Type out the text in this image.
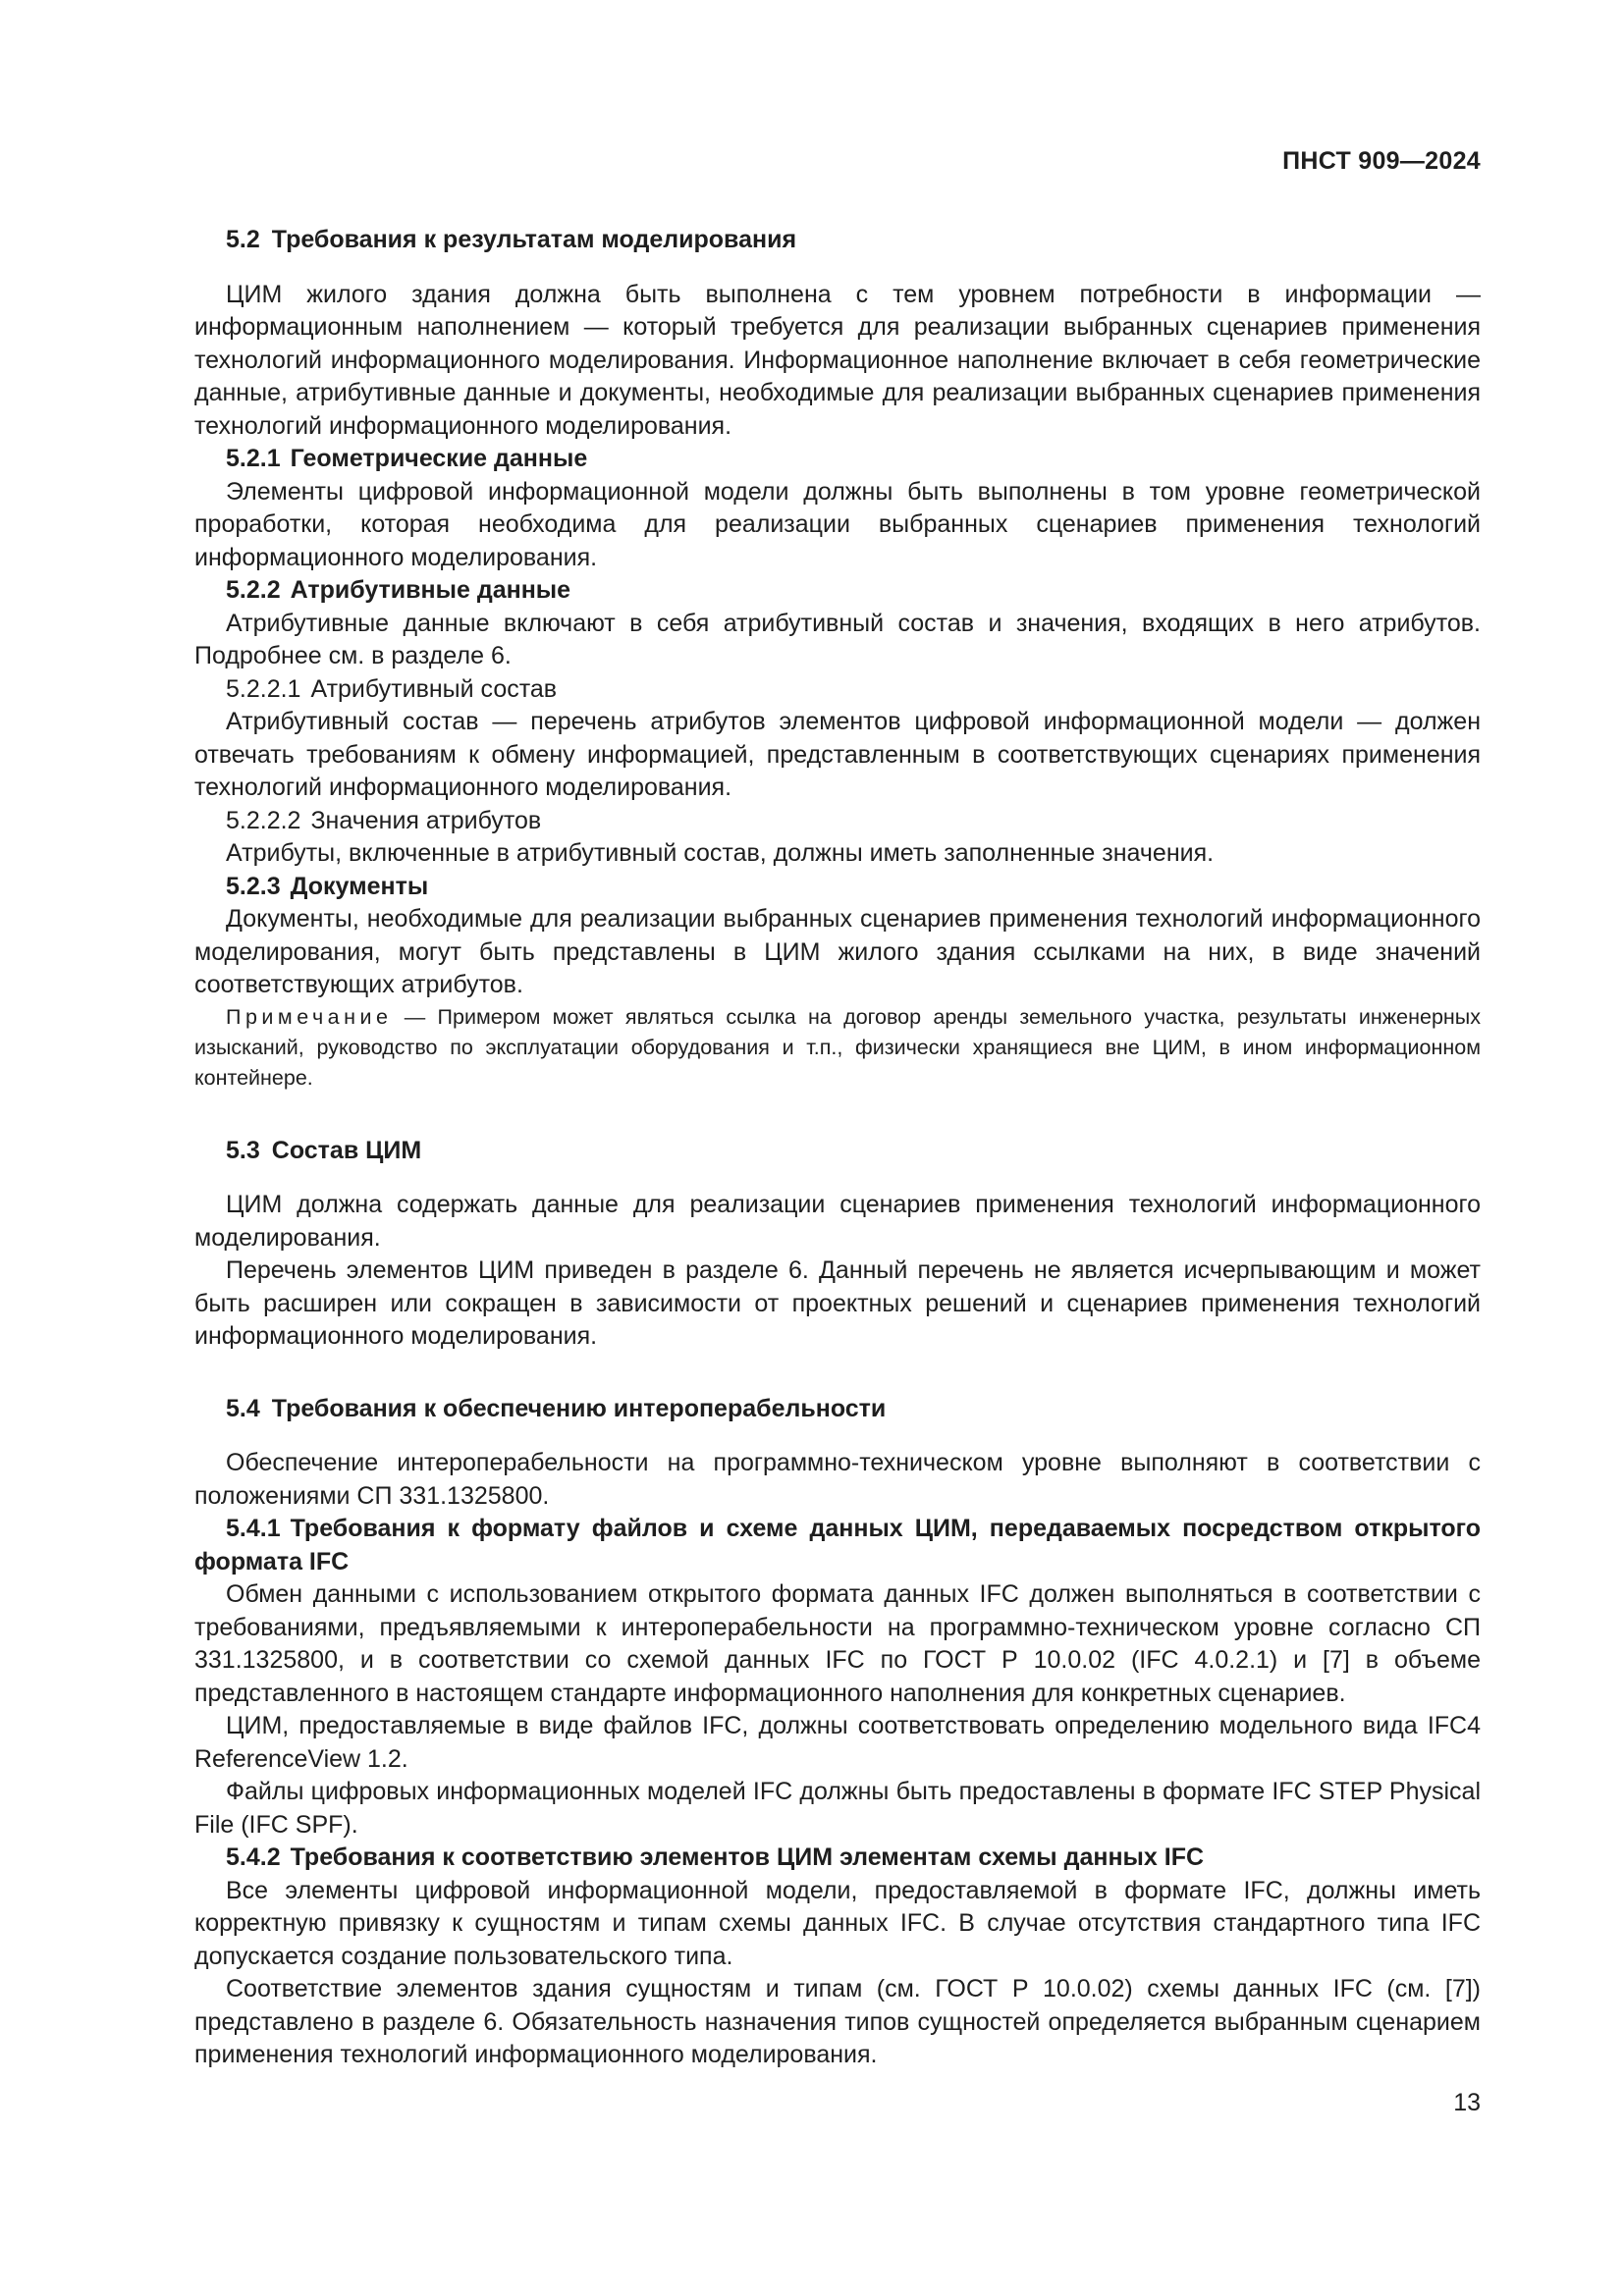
ПНСТ 909—2024
5.2 Требования к результатам моделирования

ЦИМ жилого здания должна быть выполнена с тем уровнем потребности в информации — информационным наполнением — который требуется для реализации выбранных сценариев применения технологий информационного моделирования. Информационное наполнение включает в себя геометрические данные, атрибутивные данные и документы, необходимые для реализации выбранных сценариев применения технологий информационного моделирования.

5.2.1 Геометрические данные

Элементы цифровой информационной модели должны быть выполнены в том уровне геометрической проработки, которая необходима для реализации выбранных сценариев применения технологий информационного моделирования.

5.2.2 Атрибутивные данные

Атрибутивные данные включают в себя атрибутивный состав и значения, входящих в него атрибутов. Подробнее см. в разделе 6.

5.2.2.1 Атрибутивный состав

Атрибутивный состав — перечень атрибутов элементов цифровой информационной модели — должен отвечать требованиям к обмену информацией, представленным в соответствующих сценариях применения технологий информационного моделирования.

5.2.2.2 Значения атрибутов

Атрибуты, включенные в атрибутивный состав, должны иметь заполненные значения.

5.2.3 Документы

Документы, необходимые для реализации выбранных сценариев применения технологий информационного моделирования, могут быть представлены в ЦИМ жилого здания ссылками на них, в виде значений соответствующих атрибутов.

Примечание — Примером может являться ссылка на договор аренды земельного участка, результаты инженерных изысканий, руководство по эксплуатации оборудования и т.п., физически хранящиеся вне ЦИМ, в ином информационном контейнере.

5.3 Состав ЦИМ

ЦИМ должна содержать данные для реализации сценариев применения технологий информационного моделирования.

Перечень элементов ЦИМ приведен в разделе 6. Данный перечень не является исчерпывающим и может быть расширен или сокращен в зависимости от проектных решений и сценариев применения технологий информационного моделирования.

5.4 Требования к обеспечению интероперабельности

Обеспечение интероперабельности на программно-техническом уровне выполняют в соответствии с положениями СП 331.1325800.

5.4.1 Требования к формату файлов и схеме данных ЦИМ, передаваемых посредством открытого формата IFC

Обмен данными с использованием открытого формата данных IFC должен выполняться в соответствии с требованиями, предъявляемыми к интероперабельности на программно-техническом уровне согласно СП 331.1325800, и в соответствии со схемой данных IFC по ГОСТ Р 10.0.02 (IFC 4.0.2.1) и [7] в объеме представленного в настоящем стандарте информационного наполнения для конкретных сценариев.

ЦИМ, предоставляемые в виде файлов IFC, должны соответствовать определению модельного вида IFC4 ReferenceView 1.2.

Файлы цифровых информационных моделей IFC должны быть предоставлены в формате IFC STEP Physical File (IFC SPF).

5.4.2 Требования к соответствию элементов ЦИМ элементам схемы данных IFC

Все элементы цифровой информационной модели, предоставляемой в формате IFC, должны иметь корректную привязку к сущностям и типам схемы данных IFC. В случае отсутствия стандартного типа IFC допускается создание пользовательского типа.

Соответствие элементов здания сущностям и типам (см. ГОСТ Р 10.0.02) схемы данных IFC (см. [7]) представлено в разделе 6. Обязательность назначения типов сущностей определяется выбранным сценарием применения технологий информационного моделирования.

13
